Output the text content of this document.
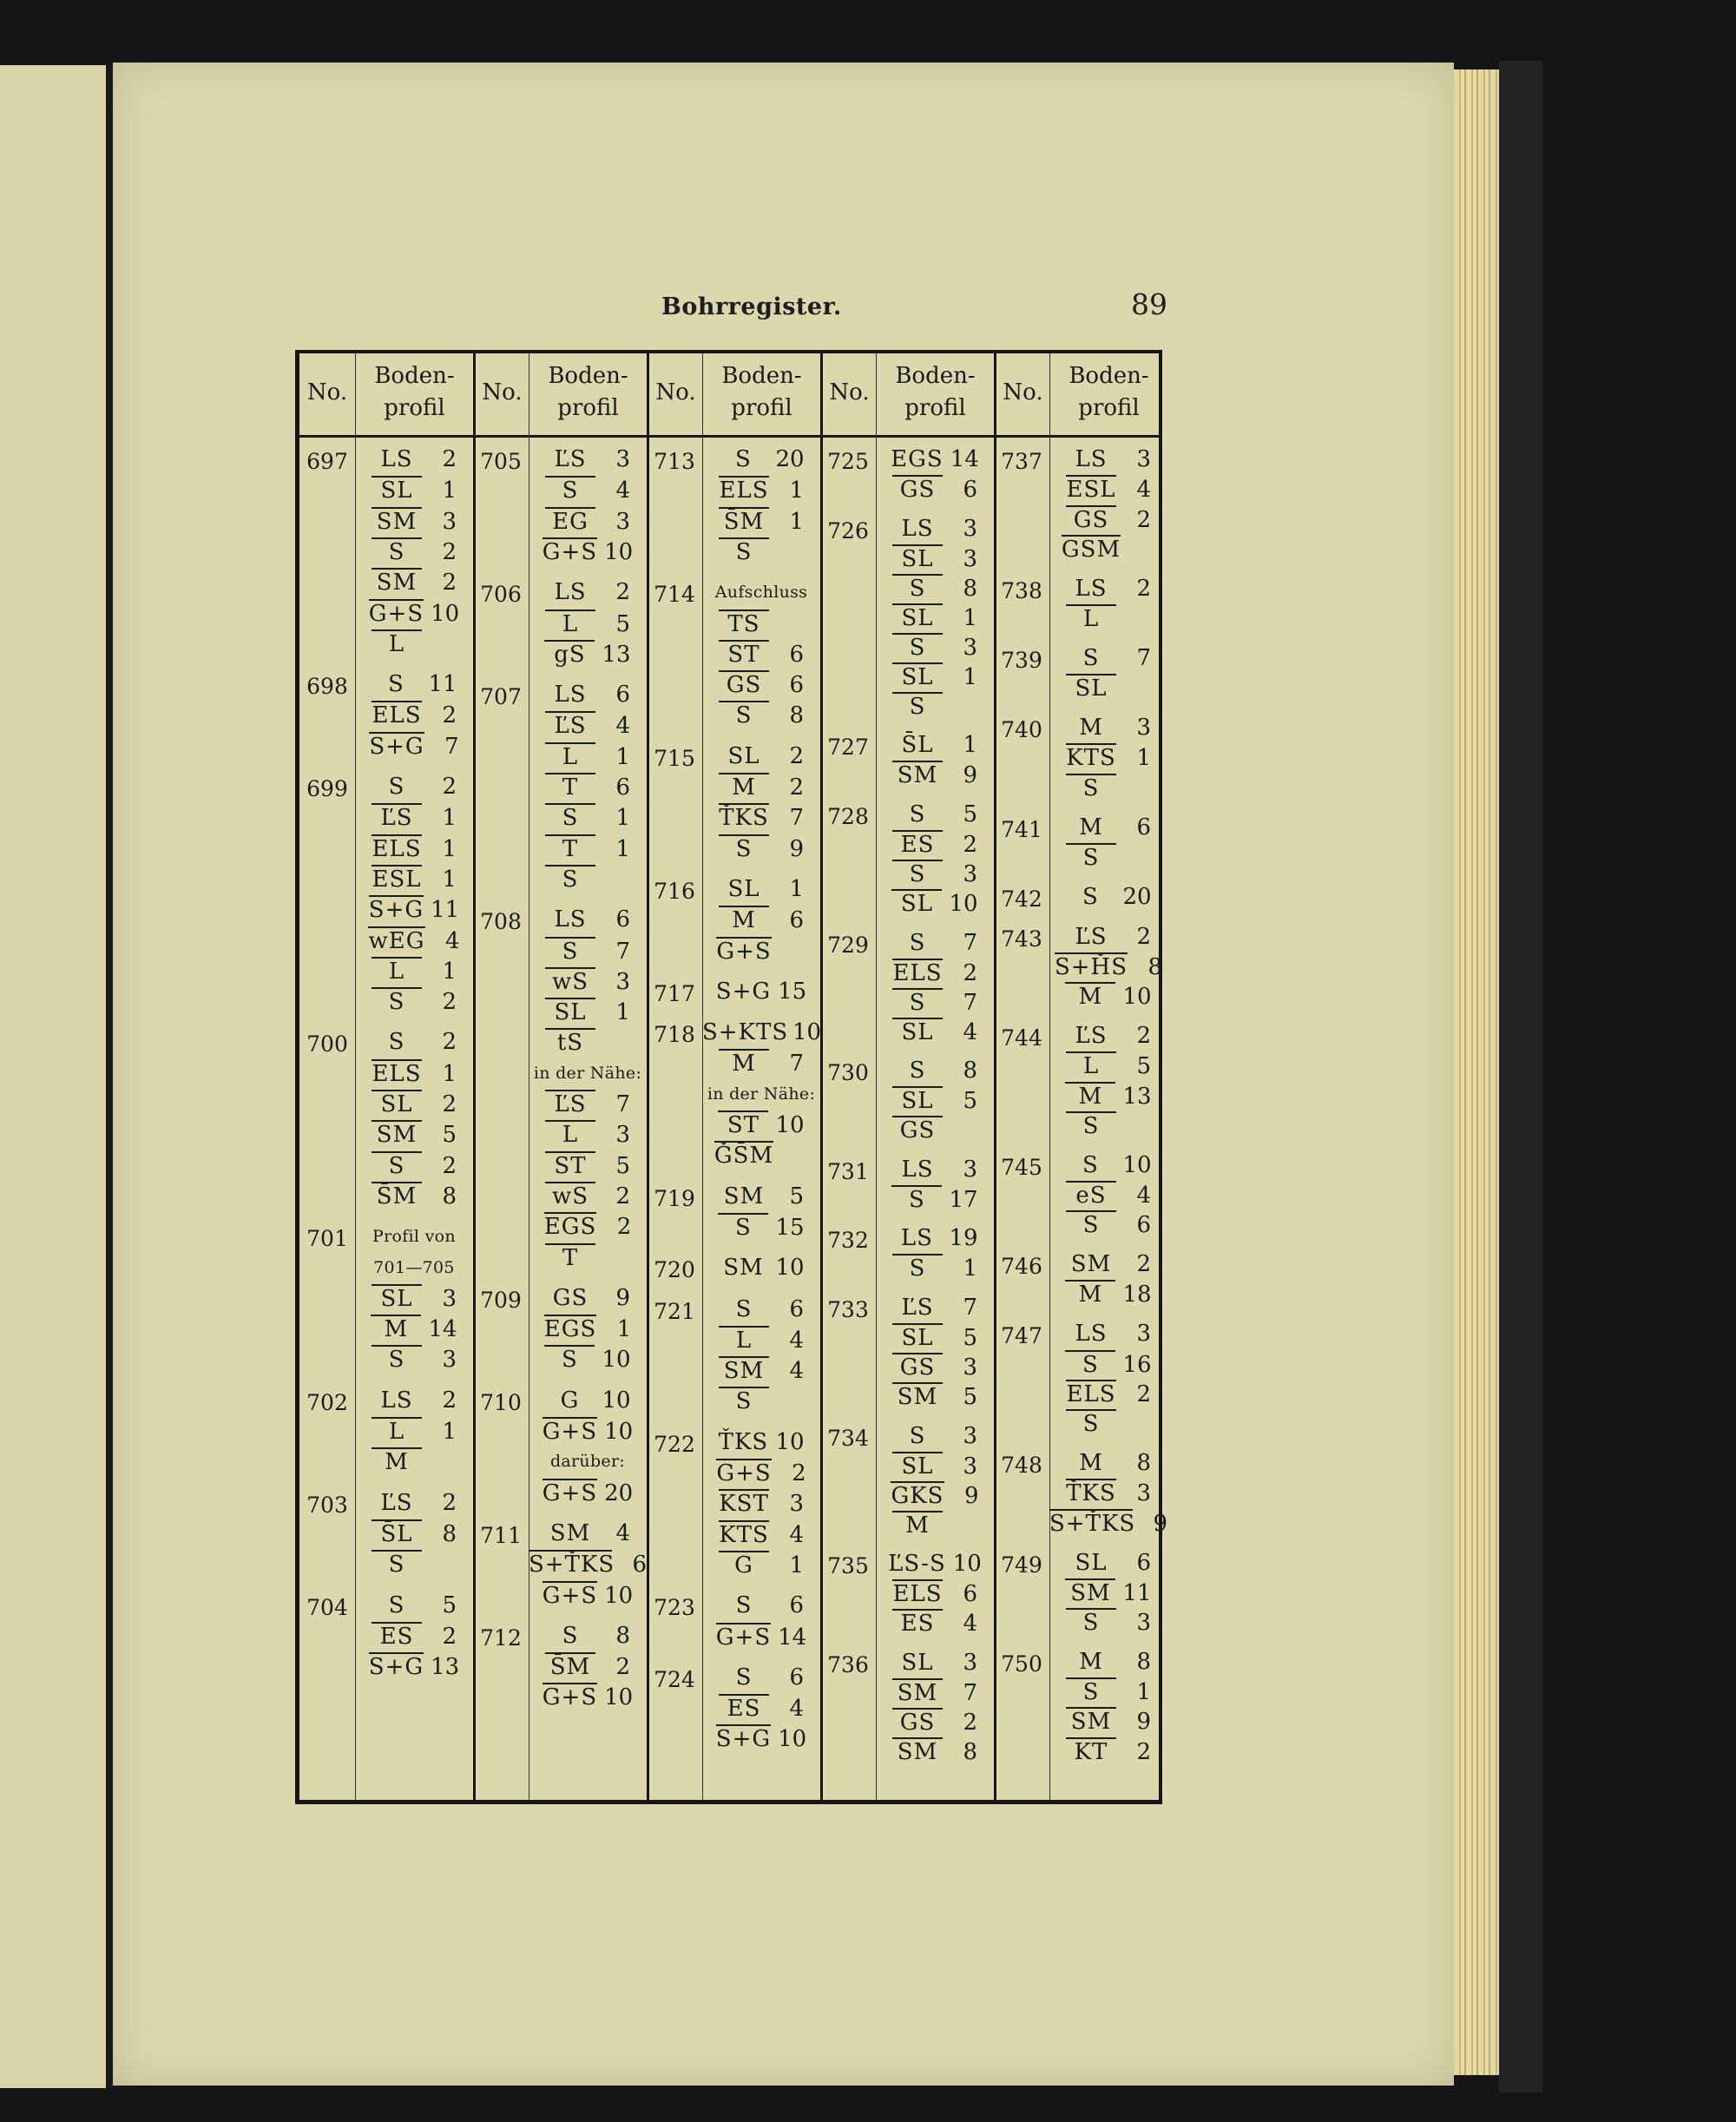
Bohrregister.	89
No.
Boden-
profil
No.
Boden-
profil
No.
Boden-
profil
No.
Boden-
profil
No.
Boden-
profil
697	LS	2
SL	1
SM	3
S	2
SM	2
G+S 10
L
698	S	11
ELS 2
S+G 7
699	S	2
ĽS	1
ELS 1
ESL 1
S+G 11
wEG 4
L	1
S	2
700	S	2
ELS 1
SL	2
SM	5
S	2
S̄M	8
701	Profil von
701—705
SL	3
M 14
S	3
702	LS	2
L	1
M
703	ĽS	2
S̄L	8
S
704	S	5
ES	2
S+G 13
705	ĽS	3
S	4
EG	3
G+S 10
706	LS	2
L	5
gS 13
707	LS	6
ĽS	4
L	1
T	6
S	1
T	1
S
708	LS	6
S	7
wS	3
SL	1
tS
in der Nähe:
ĽS	7
L	3
ST	5
wS	2
EGS 2
T
709	GS	9
EGS 1
S	10
710	G	10
G+S 10
darüber:
G+S 20
711	SM	4
S+ŤKS 6
G+S 10
712	S	8
S̄M	2
G+S 10
713	S	20
ELS 1
S̄M	1
S
714	Aufschluss
TS
ST	6
GS	6
S	8
715	SL	2
M	2
ŤKS 7
S	9
716	SL	1
M	6
G+S
717 S+G 15
718 S+KTS 10
M	7
in der Nähe:
ST 10
ǦS̄M
719	SM	5
S	15
720	SM 10
721	S	6
L	4
SM	4
S
722	ŤKS 10
G+S 2
KST 3
KTS 4
G	1
723	S	6
G+S 14
724	S	6
ES	4
S+G 10
725 EGS 14
GS	6
726	LS	3
SL	3
S	8
SL	1
S	3
SL	1
S
727	S̄L	1
SM	9
728	S	5
ES	2
S	3
SL 10
729	S	7
ELS 2
S	7
SL	4
730	S	8
SL	5
GS
731	LS	3
S	17
732	LS 19
S	1
733	ĽS	7
SL	5
GS	3
SM	5
734	S	3
SL	3
GKS 9
M
735 ĽS-S 10
ELS 6
ES	4
736	SL	3
SM	7
GS	2
SM	8
737	LS	3
ESL 4
GS	2
GSM
738	LS	2
L
739	S	7
SL
740	M	3
KTS 1
S
741	M	6
S
742	S	20
743	ĽS	2
S+ȞS 8
M 10
744	ĽS	2
L	5
M 13
S
745	S	10
eS	4
S	6
746	SM	2
M 18
747	LS	3
S	16
ELS 2
S
748	M	8
ŤKS 3
S+ŤKS 9
749	SL	6
SM 11
S	3
750	M	8
S	1
SM	9
KT	2
